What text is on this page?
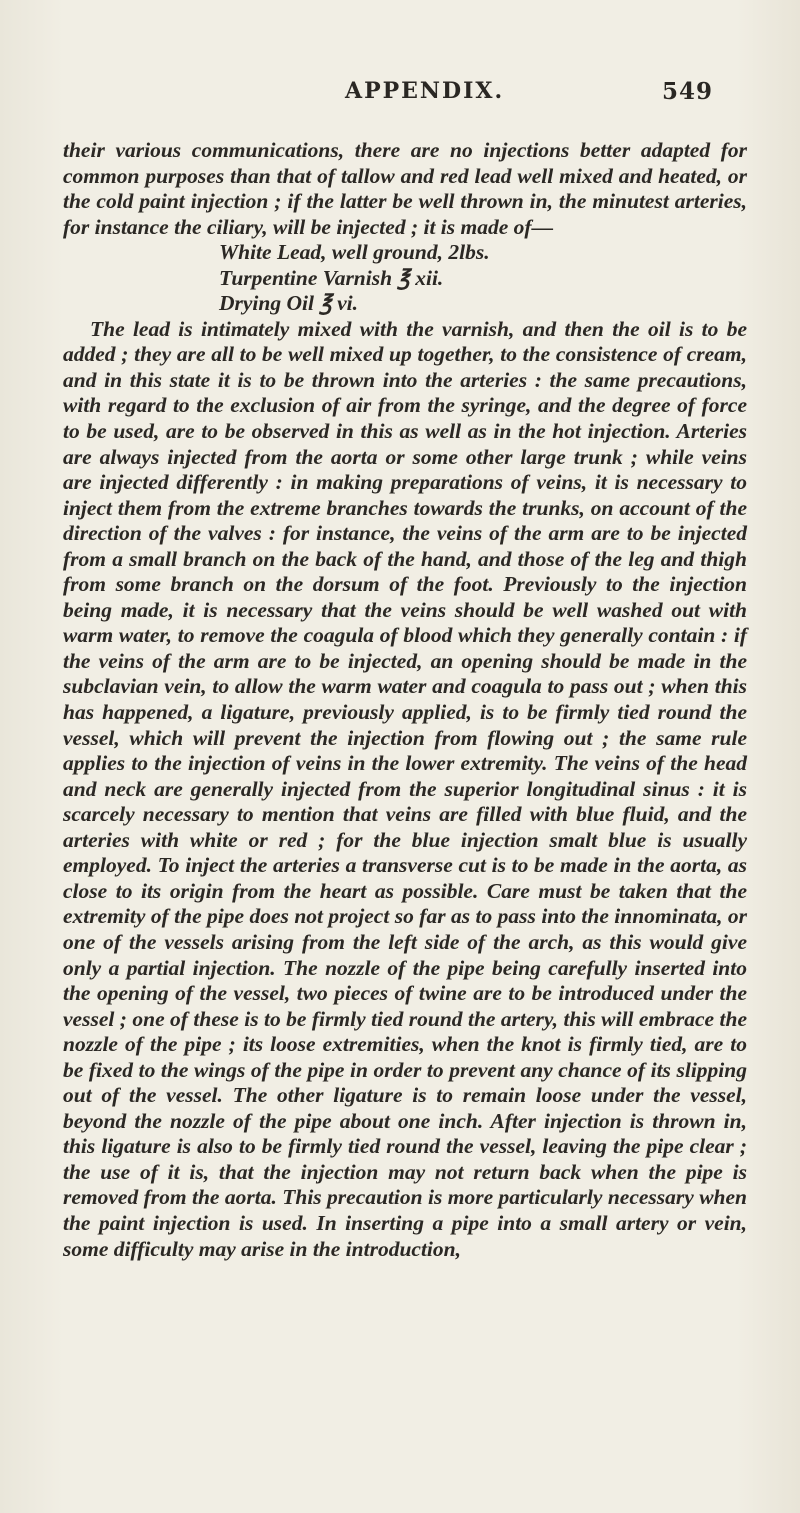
APPENDIX.	549

their various communications, there are no injections better adapted for common purposes than that of tallow and red lead well mixed and heated, or the cold paint injection ; if the latter be well thrown in, the minutest arteries, for instance the ciliary, will be injected ; it is made of—

White Lead, well ground, 2lbs.
Turpentine Varnish ℥ xii.
Drying Oil ℥ vi.

The lead is intimately mixed with the varnish, and then the oil is to be added ; they are all to be well mixed up together, to the consistence of cream, and in this state it is to be thrown into the arteries : the same precautions, with regard to the exclusion of air from the syringe, and the degree of force to be used, are to be observed in this as well as in the hot injection. Arteries are always injected from the aorta or some other large trunk ; while veins are injected differently : in making preparations of veins, it is necessary to inject them from the extreme branches towards the trunks, on account of the direction of the valves : for instance, the veins of the arm are to be injected from a small branch on the back of the hand, and those of the leg and thigh from some branch on the dorsum of the foot. Previously to the injection being made, it is necessary that the veins should be well washed out with warm water, to remove the coagula of blood which they generally contain : if the veins of the arm are to be injected, an opening should be made in the subclavian vein, to allow the warm water and coagula to pass out ; when this has happened, a ligature, previously applied, is to be firmly tied round the vessel, which will prevent the injection from flowing out ; the same rule applies to the injection of veins in the lower extremity. The veins of the head and neck are generally injected from the superior longitudinal sinus : it is scarcely necessary to mention that veins are filled with blue fluid, and the arteries with white or red ; for the blue injection smalt blue is usually employed. To inject the arteries a transverse cut is to be made in the aorta, as close to its origin from the heart as possible. Care must be taken that the extremity of the pipe does not project so far as to pass into the innominata, or one of the vessels arising from the left side of the arch, as this would give only a partial injection. The nozzle of the pipe being carefully inserted into the opening of the vessel, two pieces of twine are to be introduced under the vessel ; one of these is to be firmly tied round the artery, this will embrace the nozzle of the pipe ; its loose extremities, when the knot is firmly tied, are to be fixed to the wings of the pipe in order to prevent any chance of its slipping out of the vessel. The other ligature is to remain loose under the vessel, beyond the nozzle of the pipe about one inch. After injection is thrown in, this ligature is also to be firmly tied round the vessel, leaving the pipe clear ; the use of it is, that the injection may not return back when the pipe is removed from the aorta. This precaution is more particularly necessary when the paint injection is used. In inserting a pipe into a small artery or vein, some difficulty may arise in the introduction,
